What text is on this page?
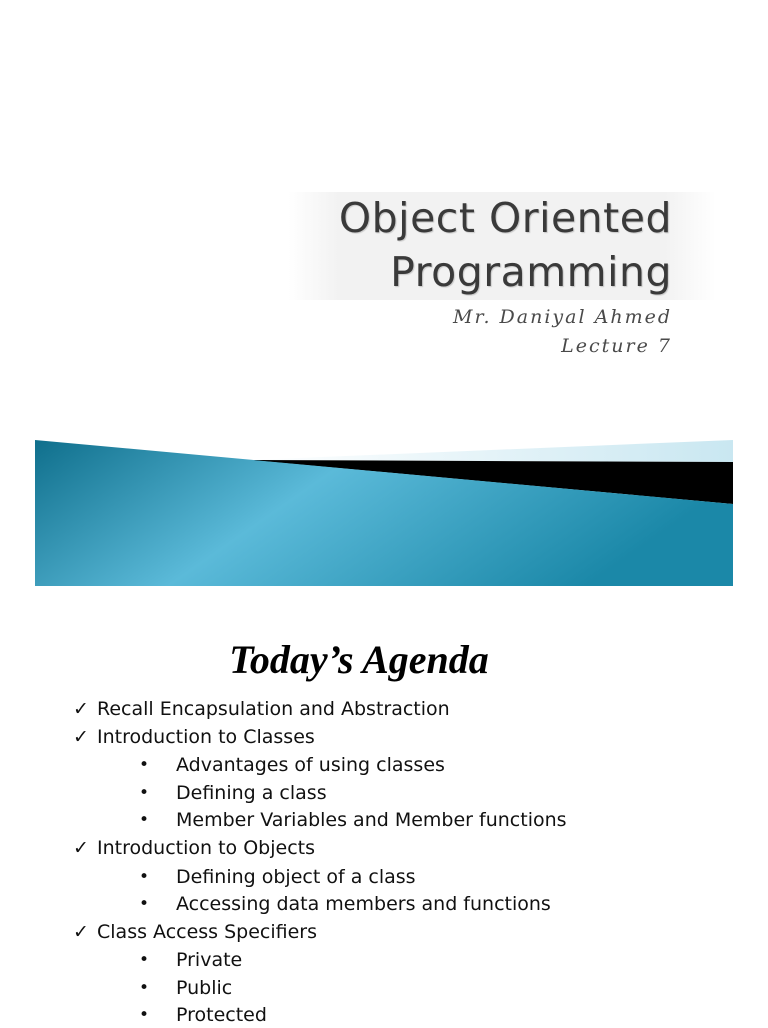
Object Oriented
Programming
Mr. Daniyal Ahmed
Lecture 7
Today’s Agenda
✓ Recall Encapsulation and Abstraction
✓ Introduction to Classes
• Advantages of using classes
• Defining a class
• Member Variables and Member functions
✓ Introduction to Objects
• Defining object of a class
• Accessing data members and functions
✓ Class Access Specifiers
• Private
• Public
• Protected
